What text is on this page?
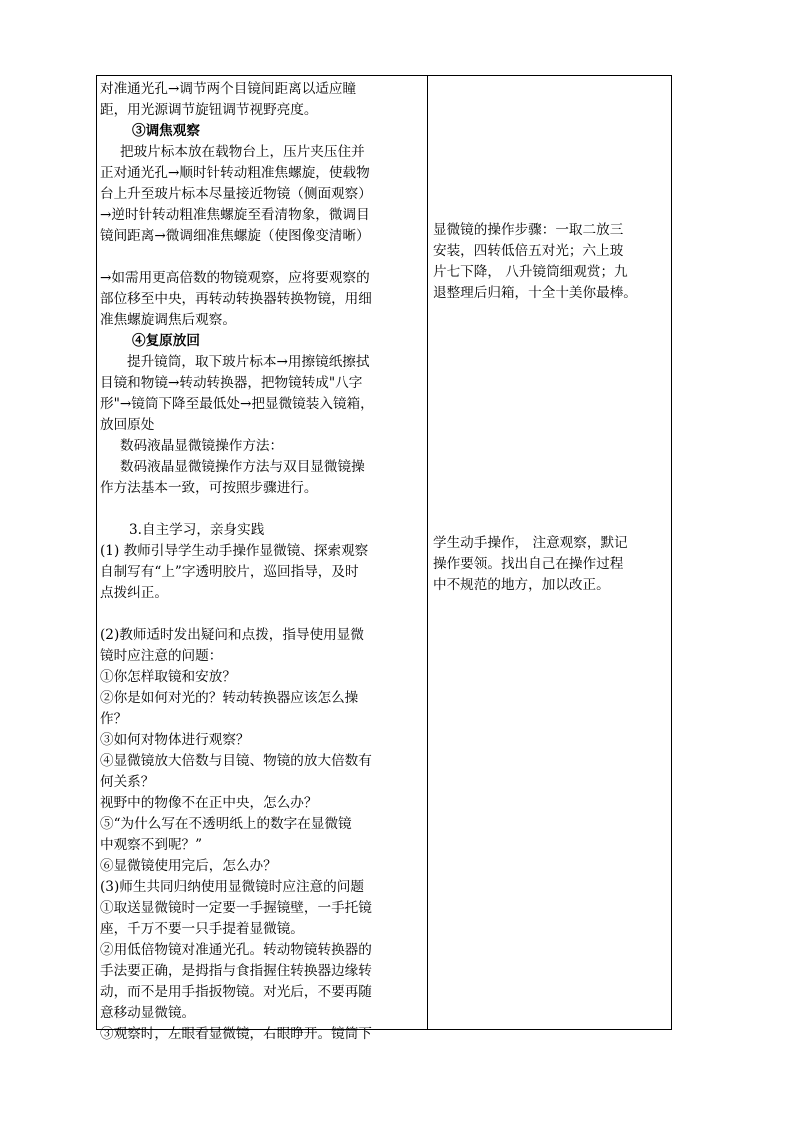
对准通光孔→调节两个目镜间距离以适应瞳
距，用光源调节旋钮调节视野亮度。
③调焦观察
把玻片标本放在载物台上，压片夹压住并
正对通光孔→顺时针转动粗准焦螺旋，使载物
台上升至玻片标本尽量接近物镜（侧面观察）
→逆时针转动粗准焦螺旋至看清物象，微调目
镜间距离→微调细准焦螺旋（使图像变清晰）
→如需用更高倍数的物镜观察，应将要观察的
部位移至中央，再转动转换器转换物镜，用细
准焦螺旋调焦后观察。
④复原放回
提升镜筒，取下玻片标本→用擦镜纸擦拭
目镜和物镜→转动转换器，把物镜转成"八字
形"→镜筒下降至最低处→把显微镜装入镜箱，
放回原处
数码液晶显微镜操作方法：
数码液晶显微镜操作方法与双目显微镜操
作方法基本一致，可按照步骤进行。
3.自主学习，亲身实践
(1) 教师引导学生动手操作显微镜、探索观察
自制写有“上”字透明胶片，巡回指导，及时
点拨纠正。
(2)教师适时发出疑问和点拨，指导使用显微
镜时应注意的问题：
①你怎样取镜和安放？
②你是如何对光的？转动转换器应该怎么操
作？
③如何对物体进行观察？
④显微镜放大倍数与目镜、物镜的放大倍数有
何关系？
视野中的物像不在正中央，怎么办？
⑤“为什么写在不透明纸上的数字在显微镜
中观察不到呢？”
⑥显微镜使用完后，怎么办？
(3)师生共同归纳使用显微镜时应注意的问题
①取送显微镜时一定要一手握镜壁，一手托镜
座，千万不要一只手提着显微镜。
②用低倍物镜对准通光孔。转动物镜转换器的
手法要正确，是拇指与食指握住转换器边缘转
动，而不是用手指扳物镜。对光后，不要再随
意移动显微镜。
③观察时，左眼看显微镜，右眼睁开。镜筒下
显微镜的操作步骤：一取二放三
安装，四转低倍五对光；六上玻
片七下降， 八升镜筒细观赏；九
退整理后归箱，十全十美你最棒。
学生动手操作， 注意观察，默记
操作要领。找出自己在操作过程
中不规范的地方，加以改正。
